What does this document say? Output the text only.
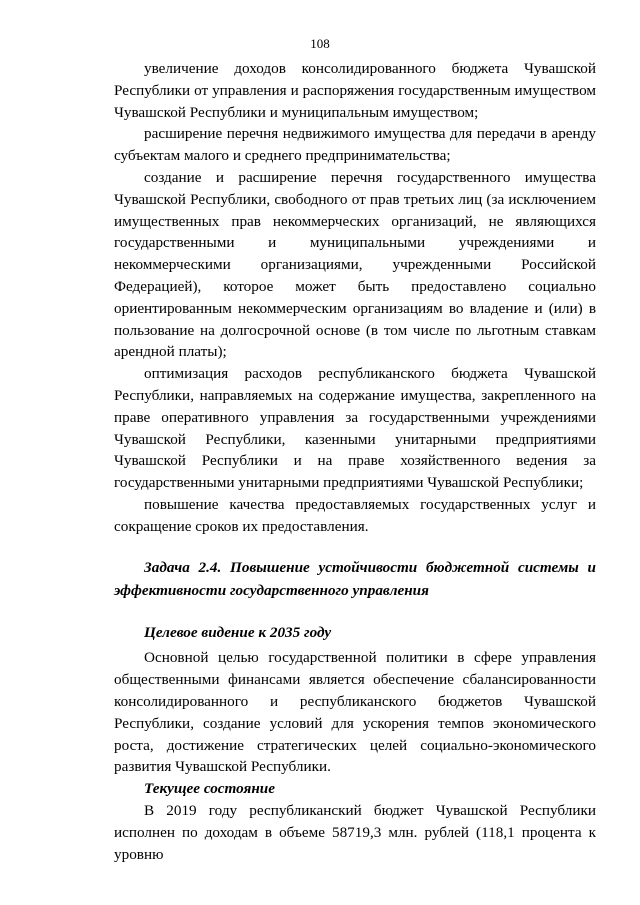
108

увеличение доходов консолидированного бюджета Чувашской Республики от управления и распоряжения государственным имуществом Чувашской Республики и муниципальным имуществом;

расширение перечня недвижимого имущества для передачи в аренду субъектам малого и среднего предпринимательства;

создание и расширение перечня государственного имущества Чувашской Республики, свободного от прав третьих лиц (за исключением имущественных прав некоммерческих организаций, не являющихся государственными и муниципальными учреждениями и некоммерческими организациями, учрежденными Российской Федерацией), которое может быть предоставлено социально ориентированным некоммерческим организациям во владение и (или) в пользование на долгосрочной основе (в том числе по льготным ставкам арендной платы);

оптимизация расходов республиканского бюджета Чувашской Республики, направляемых на содержание имущества, закрепленного на праве оперативного управления за государственными учреждениями Чувашской Республики, казенными унитарными предприятиями Чувашской Республики и на праве хозяйственного ведения за государственными унитарными предприятиями Чувашской Республики;

повышение качества предоставляемых государственных услуг и сокращение сроков их предоставления.

Задача 2.4. Повышение устойчивости бюджетной системы и эффективности государственного управления

Целевое видение к 2035 году

Основной целью государственной политики в сфере управления общественными финансами является обеспечение сбалансированности консолидированного и республиканского бюджетов Чувашской Республики, создание условий для ускорения темпов экономического роста, достижение стратегических целей социально-экономического развития Чувашской Республики.

Текущее состояние

В 2019 году республиканский бюджет Чувашской Республики исполнен по доходам в объеме 58719,3 млн. рублей (118,1 процента к уровню
